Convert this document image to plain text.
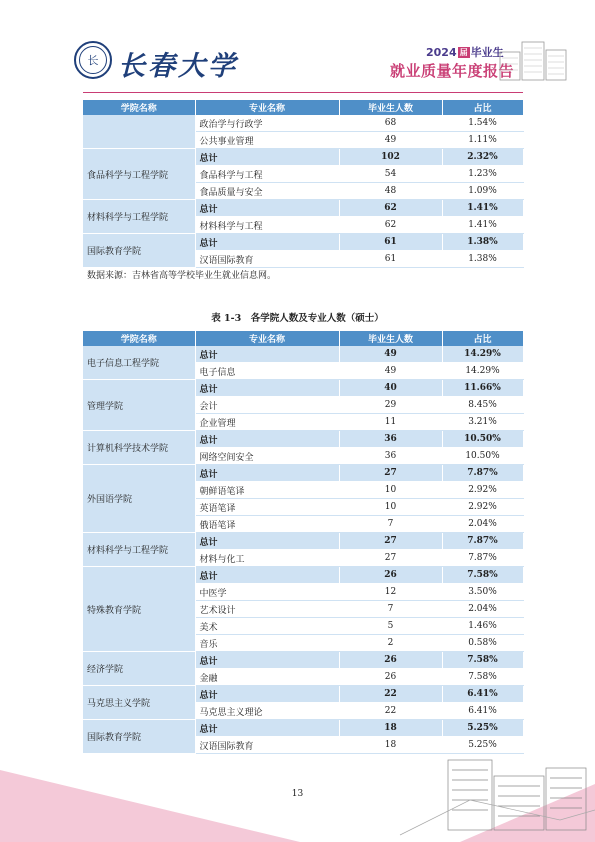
长 长春大学	2024 届 毕业生
就业质量年度报告
学院名称	专业名称	毕业生人数	占比
	政治学与行政学	68	1.54%
	公共事业管理	49	1.11%
食品科学与工程学院	总计	102	2.32%
	食品科学与工程	54	1.23%
	食品质量与安全	48	1.09%
材料科学与工程学院	总计	62	1.41%
	材料科学与工程	62	1.41%
国际教育学院	总计	61	1.38%
	汉语国际教育	61	1.38%
数据来源：吉林省高等学校毕业生就业信息网。
表 1-3　各学院人数及专业人数（硕士）
学院名称	专业名称	毕业生人数	占比
电子信息工程学院	总计	49	14.29%
	电子信息	49	14.29%
管理学院	总计	40	11.66%
	会计	29	8.45%
	企业管理	11	3.21%
计算机科学技术学院	总计	36	10.50%
	网络空间安全	36	10.50%
外国语学院	总计	27	7.87%
	朝鲜语笔译	10	2.92%
	英语笔译	10	2.92%
	俄语笔译	7	2.04%
材料科学与工程学院	总计	27	7.87%
	材料与化工	27	7.87%
特殊教育学院	总计	26	7.58%
	中医学	12	3.50%
	艺术设计	7	2.04%
	美术	5	1.46%
	音乐	2	0.58%
经济学院	总计	26	7.58%
	金融	26	7.58%
马克思主义学院	总计	22	6.41%
	马克思主义理论	22	6.41%
国际教育学院	总计	18	5.25%
	汉语国际教育	18	5.25%
13
